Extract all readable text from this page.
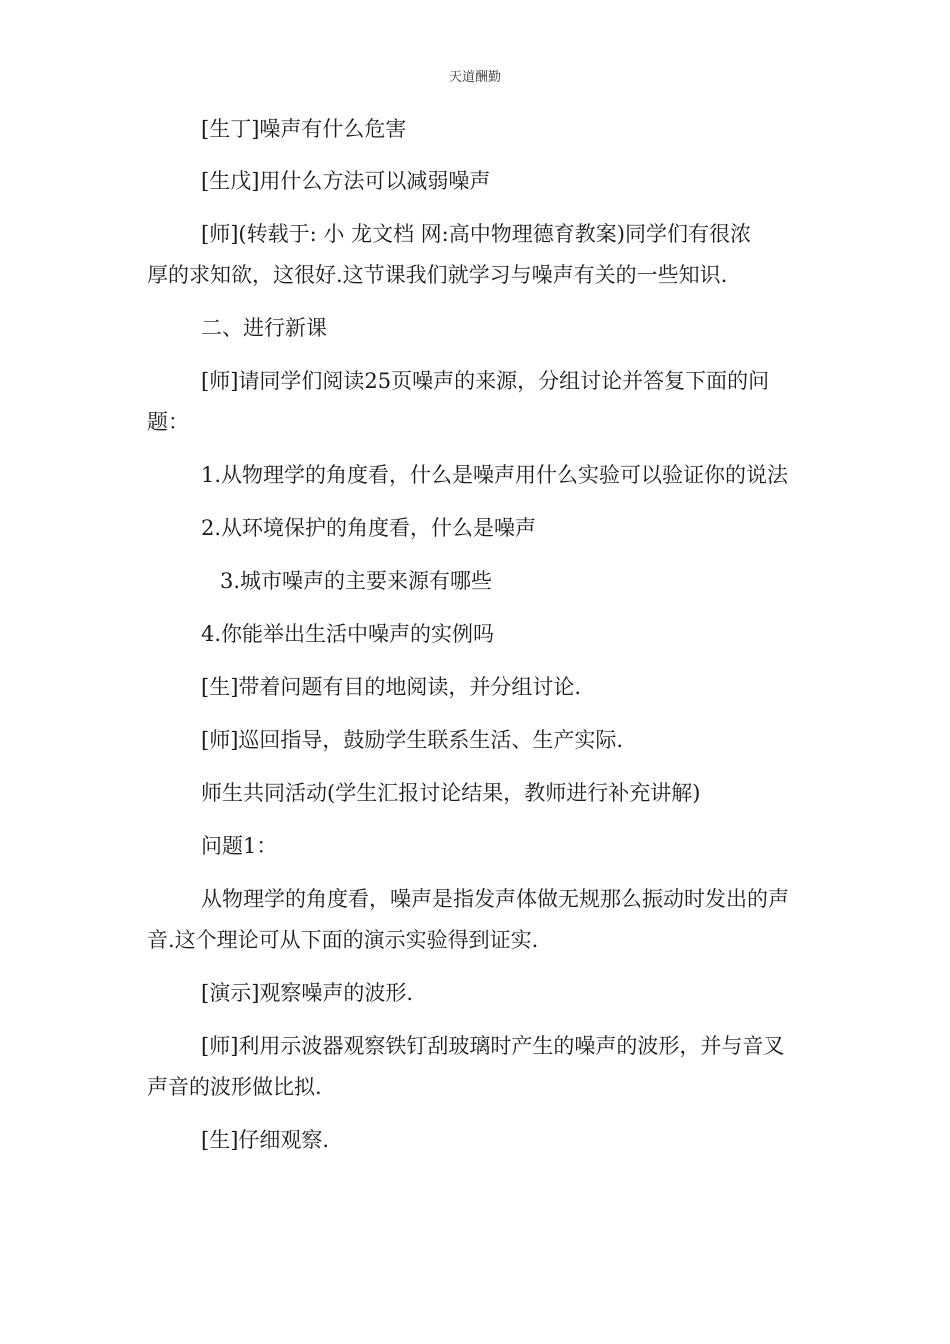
天道酬勤
[生丁]噪声有什么危害
[生戊]用什么方法可以减弱噪声
[师](转载于: 小 龙文档 网:高中物理德育教案)同学们有很浓
厚的求知欲，这很好.这节课我们就学习与噪声有关的一些知识.
二、进行新课
[师]请同学们阅读25页噪声的来源，分组讨论并答复下面的问
题：
1.从物理学的角度看，什么是噪声用什么实验可以验证你的说法
2.从环境保护的角度看，什么是噪声
3.城市噪声的主要来源有哪些
4.你能举出生活中噪声的实例吗
[生]带着问题有目的地阅读，并分组讨论.
[师]巡回指导，鼓励学生联系生活、生产实际.
师生共同活动(学生汇报讨论结果，教师进行补充讲解)
问题1：
从物理学的角度看，噪声是指发声体做无规那么振动时发出的声
音.这个理论可从下面的演示实验得到证实.
[演示]观察噪声的波形.
[师]利用示波器观察铁钉刮玻璃时产生的噪声的波形，并与音叉
声音的波形做比拟.
[生]仔细观察.
